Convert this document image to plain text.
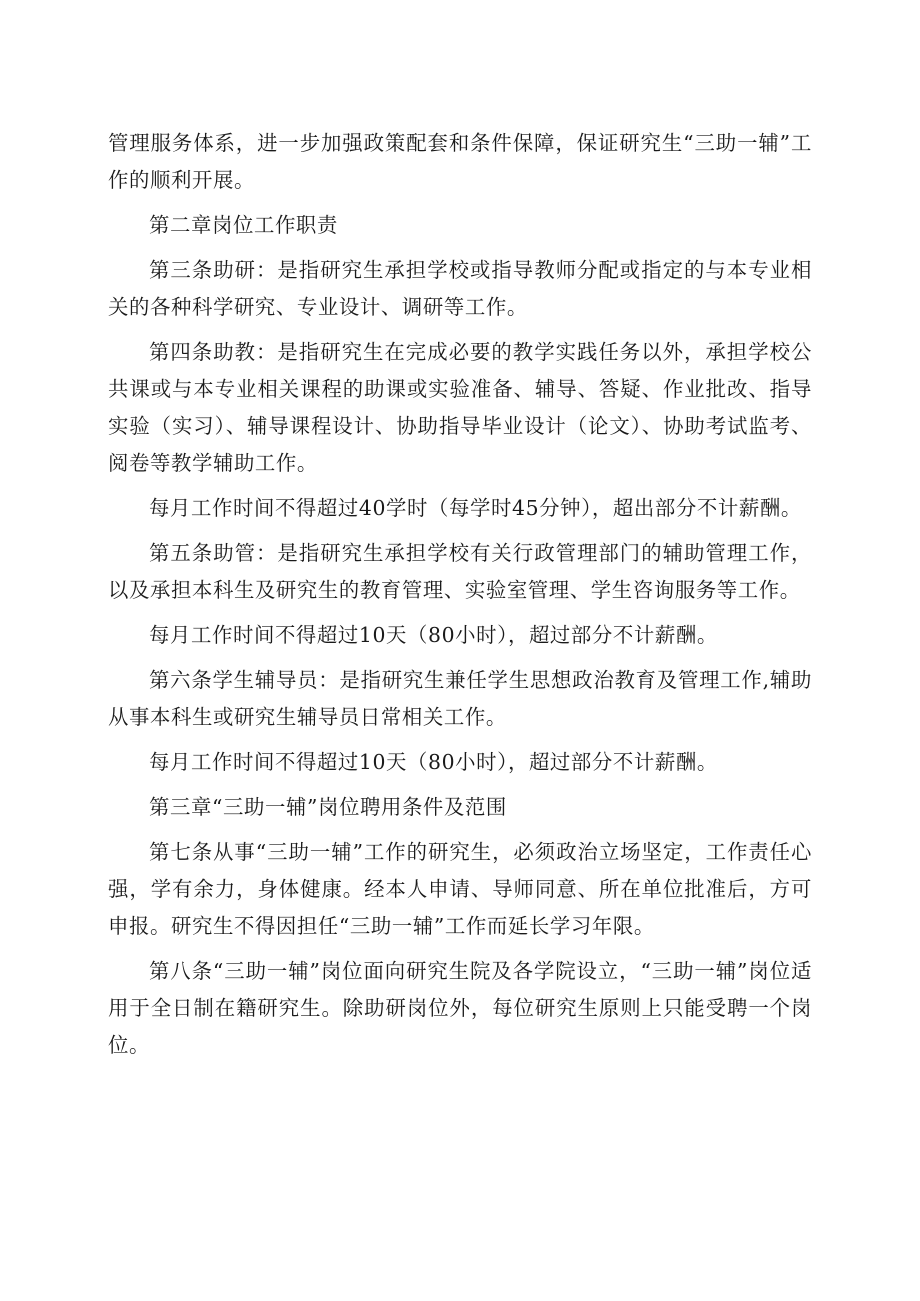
管理服务体系，进一步加强政策配套和条件保障，保证研究生“三助一辅”工作的顺利开展。

第二章岗位工作职责

第三条助研：是指研究生承担学校或指导教师分配或指定的与本专业相关的各种科学研究、专业设计、调研等工作。

第四条助教：是指研究生在完成必要的教学实践任务以外，承担学校公共课或与本专业相关课程的助课或实验准备、辅导、答疑、作业批改、指导实验（实习）、辅导课程设计、协助指导毕业设计（论文）、协助考试监考、阅卷等教学辅助工作。

每月工作时间不得超过40学时（每学时45分钟），超出部分不计薪酬。

第五条助管：是指研究生承担学校有关行政管理部门的辅助管理工作，以及承担本科生及研究生的教育管理、实验室管理、学生咨询服务等工作。

每月工作时间不得超过10天（80小时），超过部分不计薪酬。

第六条学生辅导员：是指研究生兼任学生思想政治教育及管理工作,辅助从事本科生或研究生辅导员日常相关工作。

每月工作时间不得超过10天（80小时），超过部分不计薪酬。

第三章“三助一辅”岗位聘用条件及范围

第七条从事“三助一辅”工作的研究生，必须政治立场坚定，工作责任心强，学有余力，身体健康。经本人申请、导师同意、所在单位批准后，方可申报。研究生不得因担任“三助一辅”工作而延长学习年限。

第八条“三助一辅”岗位面向研究生院及各学院设立，“三助一辅”岗位适用于全日制在籍研究生。除助研岗位外，每位研究生原则上只能受聘一个岗位。
